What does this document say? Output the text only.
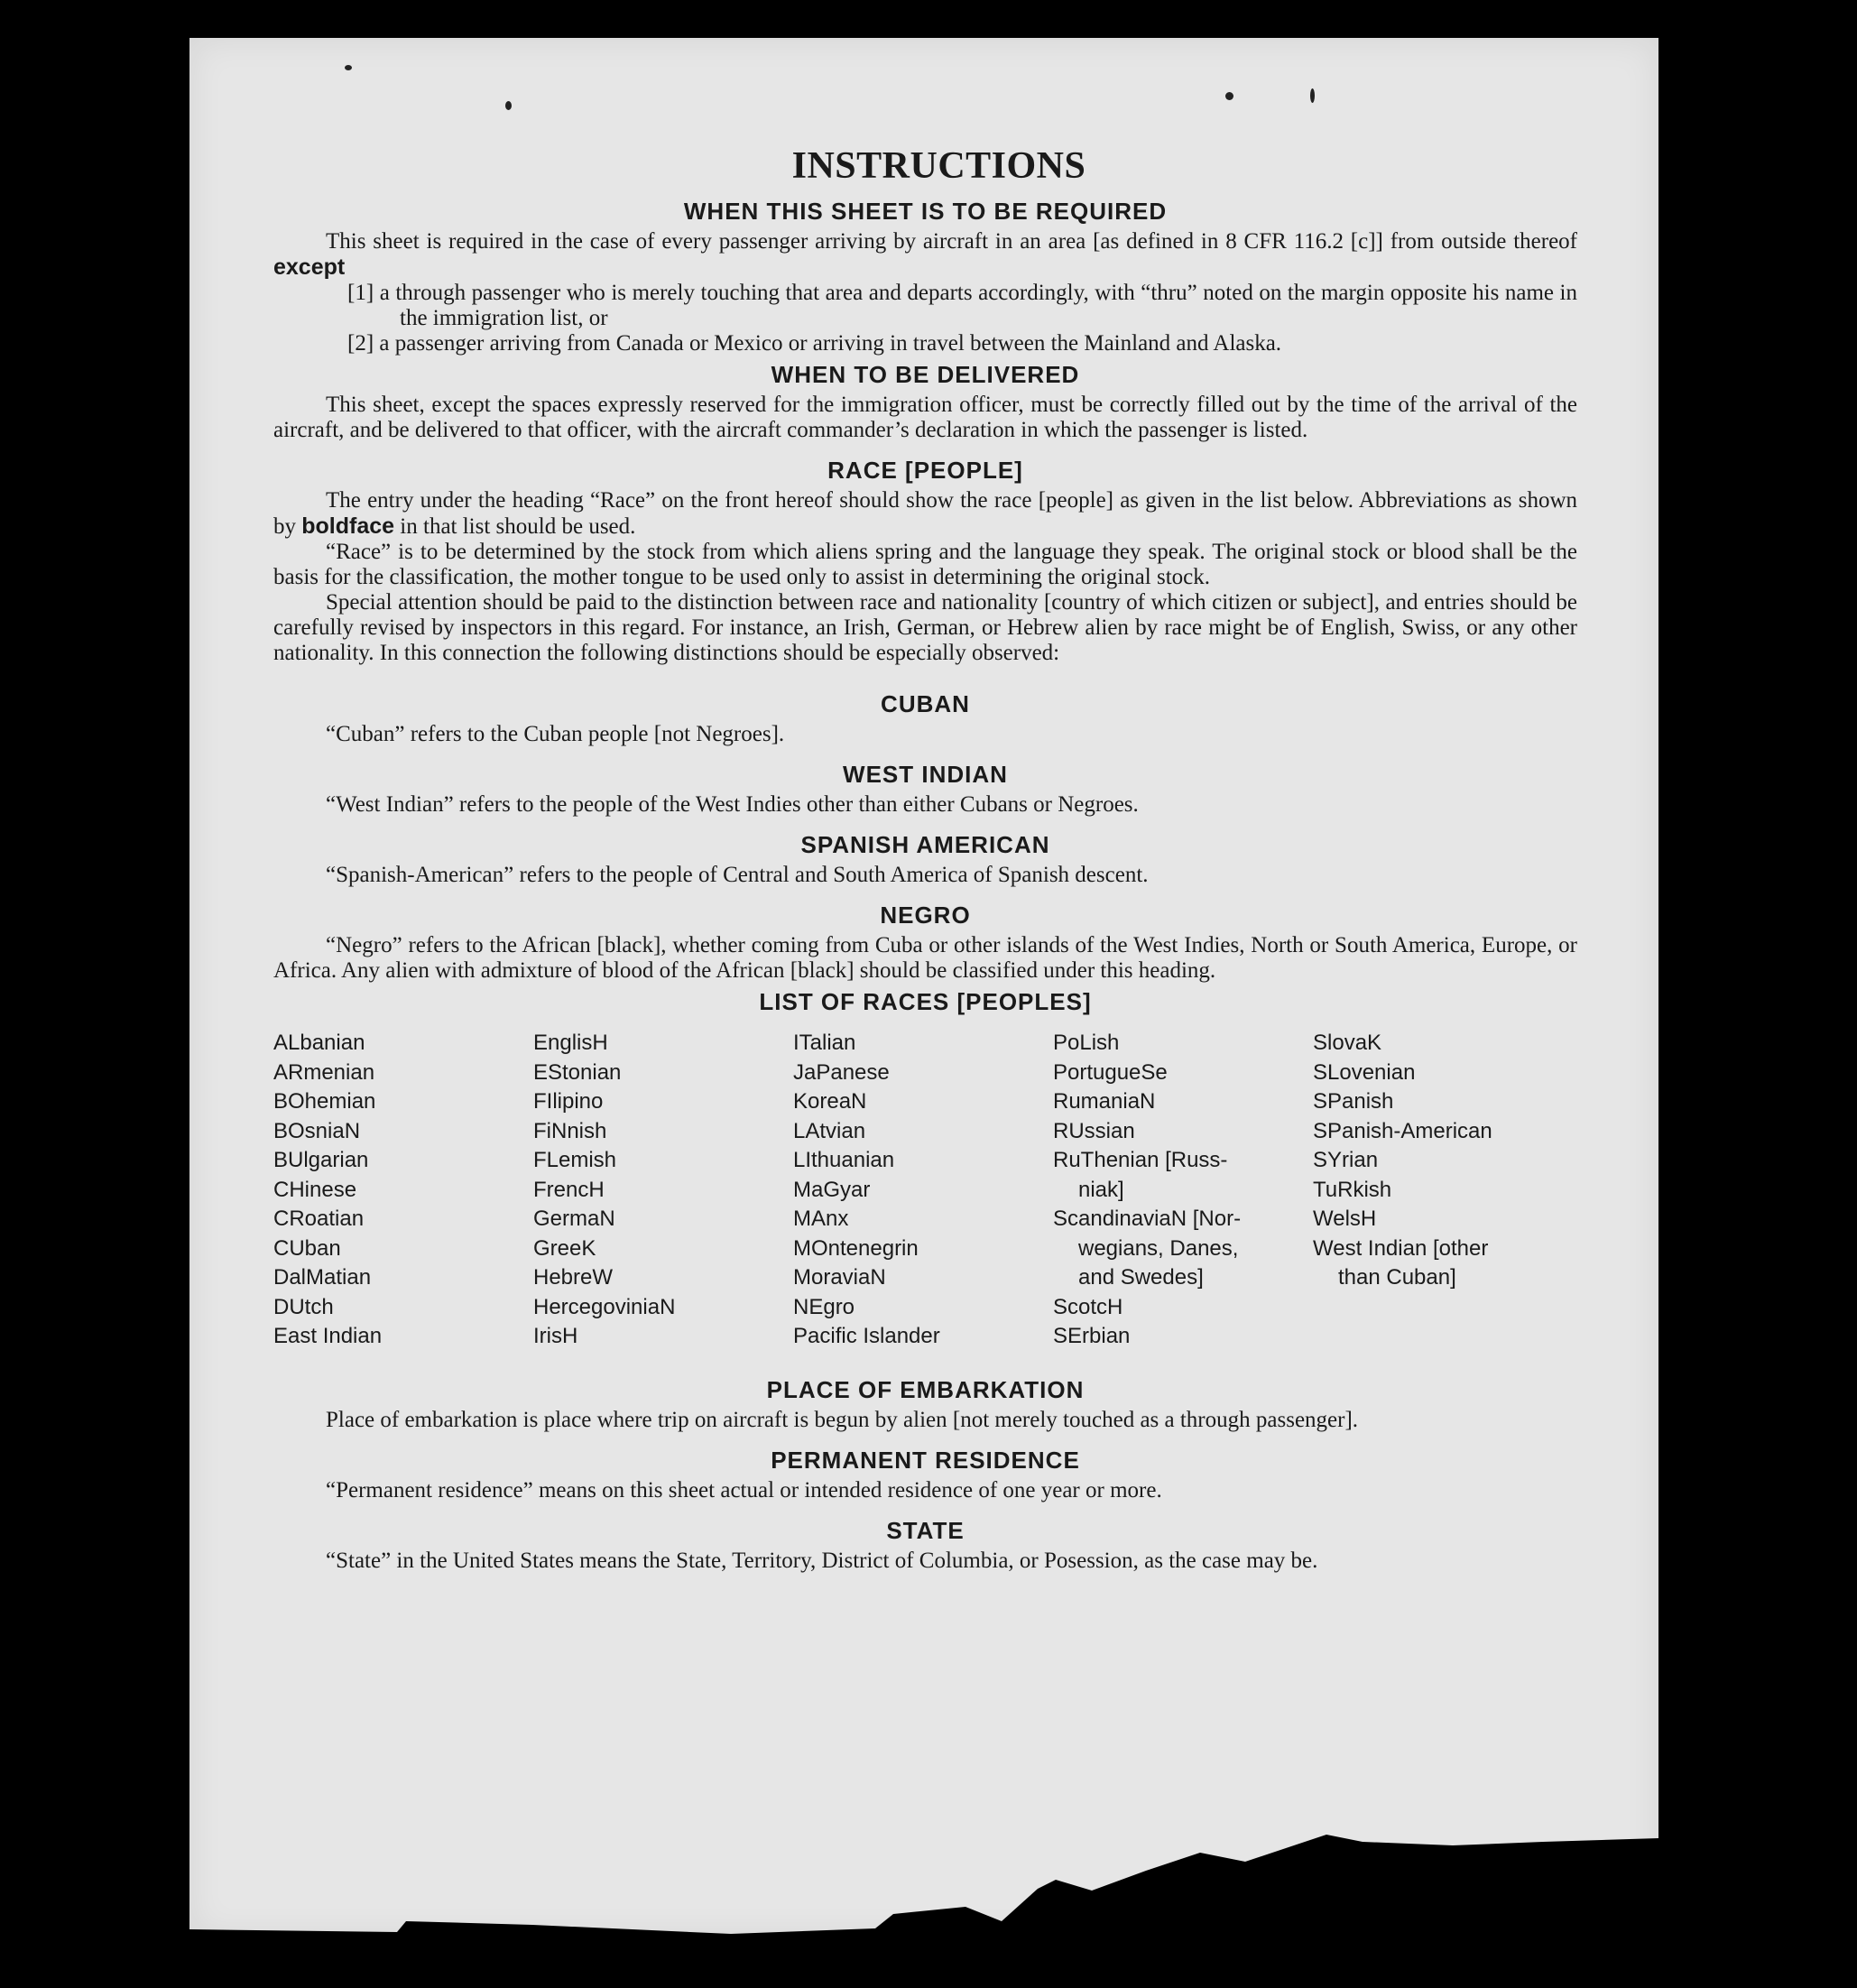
INSTRUCTIONS
WHEN THIS SHEET IS TO BE REQUIRED

This sheet is required in the case of every passenger arriving by aircraft in an area [as defined in 8 CFR 116.2 [c]] from outside thereof except

[1] a through passenger who is merely touching that area and departs accordingly, with “thru” noted on the margin opposite his name in the immigration list, or
[2] a passenger arriving from Canada or Mexico or arriving in travel between the Mainland and Alaska.
WHEN TO BE DELIVERED

This sheet, except the spaces expressly reserved for the immigration officer, must be correctly filled out by the time of the arrival of the aircraft, and be delivered to that officer, with the aircraft commander’s declaration in which the passenger is listed.

RACE [PEOPLE]

The entry under the heading “Race” on the front hereof should show the race [people] as given in the list below. Abbreviations as shown by boldface in that list should be used.

“Race” is to be determined by the stock from which aliens spring and the language they speak. The original stock or blood shall be the basis for the classification, the mother tongue to be used only to assist in determining the original stock.

Special attention should be paid to the distinction between race and nationality [country of which citizen or subject], and entries should be carefully revised by inspectors in this regard. For instance, an Irish, German, or Hebrew alien by race might be of English, Swiss, or any other nationality. In this connection the following distinctions should be especially observed:

CUBAN

“Cuban” refers to the Cuban people [not Negroes].

WEST INDIAN

“West Indian” refers to the people of the West Indies other than either Cubans or Negroes.

SPANISH AMERICAN

“Spanish-American” refers to the people of Central and South America of Spanish descent.

NEGRO

“Negro” refers to the African [black], whether coming from Cuba or other islands of the West Indies, North or South America, Europe, or Africa. Any alien with admixture of blood of the African [black] should be classified under this heading.

LIST OF RACES [PEOPLES]
ALbanian
ARmenian
BOhemian
BOsniaN
BUlgarian
CHinese
CRoatian
CUban
DalMatian
DUtch
East Indian
EnglisH
EStonian
FIlipino
FiNnish
FLemish
FrencH
GermaN
GreeK
HebreW
HercegoviniaN
IrisH
ITalian
JaPanese
KoreaN
LAtvian
LIthuanian
MaGyar
MAnx
MOntenegrin
MoraviaN
NEgro
Pacific Islander
PoLish
PortugueSe
RumaniaN
RUssian
RuThenian [Russ-
niak]
ScandinaviaN [Nor-
wegians, Danes,
and Swedes]
ScotcH
SErbian
SlovaK
SLovenian
SPanish
SPanish-American
SYrian
TuRkish
WelsH
West Indian [other
than Cuban]
PLACE OF EMBARKATION

Place of embarkation is place where trip on aircraft is begun by alien [not merely touched as a through passenger].

PERMANENT RESIDENCE

“Permanent residence” means on this sheet actual or intended residence of one year or more.

STATE

“State” in the United States means the State, Territory, District of Columbia, or Posession, as the case may be.
